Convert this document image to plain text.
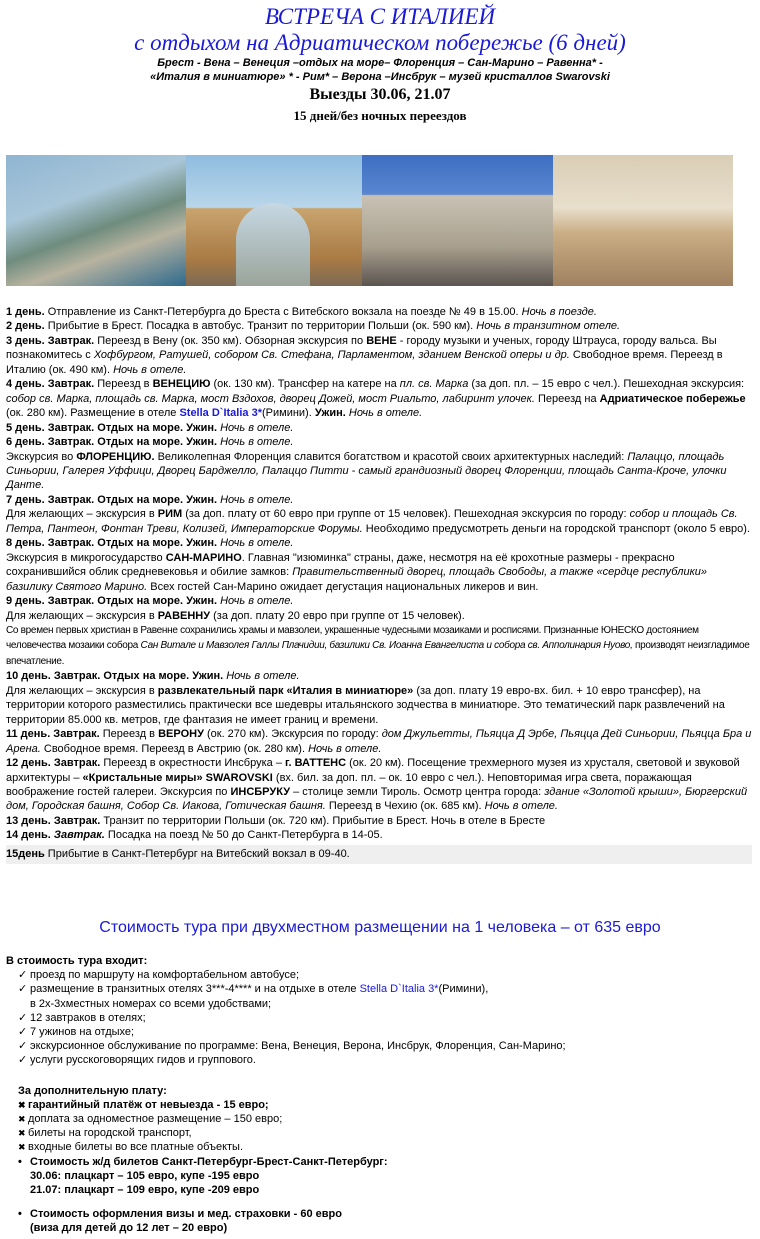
ВСТРЕЧА С ИТАЛИЕЙ
с отдыхом на Адриатическом побережье (6 дней)
Брест - Вена – Венеция –отдых на море– Флоренция – Сан-Марино – Равенна* -
«Италия в миниатюре» * - Рим* – Верона –Инсбрук – музей кристаллов Swarovski
Выезды 30.06, 21.07
15 дней/без ночных переездов

1 день. Отправление из Санкт-Петербурга до Бреста с Витебского вокзала на поезде № 49 в 15.00. Ночь в поезде.

2 день. Прибытие в Брест. Посадка в автобус. Транзит по территории Польши (ок. 590 км). Ночь в транзитном отеле.

3 день. Завтрак. Переезд в Вену (ок. 350 км). Обзорная экскурсия по ВЕНЕ - городу музыки и ученых, городу Штрауса, городу вальса. Вы познакомитесь с Хофбургом, Ратушей, собором Св. Стефана, Парламентом, зданием Венской оперы и др. Свободное время. Переезд в Италию (ок. 490 км). Ночь в отеле.

4 день. Завтрак. Переезд в ВЕНЕЦИЮ (ок. 130 км). Трансфер на катере на пл. св. Марка (за доп. пл. – 15 евро с чел.). Пешеходная экскурсия: собор св. Марка, площадь св. Марка, мост Вздохов, дворец Дожей, мост Риальто, лабиринт улочек. Переезд на Адриатическое побережье (ок. 280 км). Размещение в отеле Stella D`Italia 3*(Римини). Ужин. Ночь в отеле.

5 день. Завтрак. Отдых на море. Ужин. Ночь в отеле.

6 день. Завтрак. Отдых на море. Ужин. Ночь в отеле.
Экскурсия во ФЛОРЕНЦИЮ. Великолепная Флоренция славится богатством и красотой своих архитектурных наследий: Палаццо, площадь Синьории, Галерея Уффици, Дворец Барджелло, Палаццо Питти - самый грандиозный дворец Флоренции, площадь Санта-Кроче, улочки Данте.

7 день. Завтрак. Отдых на море. Ужин. Ночь в отеле.
Для желающих – экскурсия в РИМ (за доп. плату от 60 евро при группе от 15 человек). Пешеходная экскурсия по городу: собор и площадь Св. Петра, Пантеон, Фонтан Треви, Колизей, Императорские Форумы. Необходимо предусмотреть деньги на городской транспорт (около 5 евро).

8 день. Завтрак. Отдых на море. Ужин. Ночь в отеле.
Экскурсия в микрогосударство САН-МАРИНО. Главная "изюминка" страны, даже, несмотря на её крохотные размеры - прекрасно сохранившийся облик средневековья и обилие замков: Правительственный дворец, площадь Свободы, а также «сердце республики» базилику Святого Марино. Всех гостей Сан-Марино ожидает дегустация национальных ликеров и вин.

9 день. Завтрак. Отдых на море. Ужин. Ночь в отеле.
Для желающих – экскурсия в РАВЕННУ (за доп. плату 20 евро при группе от 15 человек).
Со времен первых христиан в Равенне сохранились храмы и мавзолеи, украшенные чудесными мозаиками и росписями. Признанные ЮНЕСКО достоянием человечества мозаики собора Сан Витале и Мавзолея Галлы Плачидии, базилики Св. Иоанна Евангелиста и собора св. Апполинария Нуово, производят неизгладимое впечатление.

10 день. Завтрак. Отдых на море. Ужин. Ночь в отеле.
Для желающих – экскурсия в развлекательный парк «Италия в миниатюре» (за доп. плату 19 евро-вх. бил. + 10 евро трансфер), на территории которого разместились практически все шедевры итальянского зодчества в миниатюре. Это тематический парк развлечений на территории 85.000 кв. метров, где фантазия не имеет границ и времени.

11 день. Завтрак. Переезд в ВЕРОНУ (ок. 270 км). Экскурсия по городу: дом Джульетты, Пьяцца Д Эрбе, Пьяцца Дей Синьории, Пьяцца Бра и Арена. Свободное время. Переезд в Австрию (ок. 280 км). Ночь в отеле.

12 день. Завтрак. Переезд в окрестности Инсбрука – г. ВАТТЕНС (ок. 20 км). Посещение трехмерного музея из хрусталя, световой и звуковой архитектуры – «Кристальные миры» SWAROVSKI (вх. бил. за доп. пл. – ок. 10 евро с чел.). Неповторимая игра света, поражающая воображение гостей галереи. Экскурсия по ИНСБРУКУ – столице земли Тироль. Осмотр центра города: здание «Золотой крыши», Бюргерский дом, Городская башня, Собор Св. Иакова, Готическая башня. Переезд в Чехию (ок. 685 км). Ночь в отеле.

13 день. Завтрак. Транзит по территории Польши (ок. 720 км). Прибытие в Брест. Ночь в отеле в Бресте

14 день. Завтрак. Посадка на поезд № 50 до Санкт-Петербурга в 14-05.

15день Прибытие в Санкт-Петербург на Витебский вокзал в 09-40.

Стоимость тура при двухместном размещении на 1 человека – от 635 евро
В стоимость тура входит:
✓ проезд по маршруту на комфортабельном автобусе;
✓ размещение в транзитных отелях 3***-4**** и на отдыхе в отеле Stella D`Italia 3*(Римини),
в 2х-3хместных номерах со всеми удобствами;
✓ 12 завтраков в отелях;
✓ 7 ужинов на отдыхе;
✓ экскурсионное обслуживание по программе: Вена, Венеция, Верона, Инсбрук, Флоренция, Сан-Марино;
✓ услуги русскоговорящих гидов и группового.
За дополнительную плату:
✖ гарантийный платёж от невыезда - 15 евро;
✖ доплата за одноместное размещение – 150 евро;
✖ билеты на городской транспорт,
✖ входные билеты во все платные объекты.
• Стоимость ж/д билетов Санкт-Петербург-Брест-Санкт-Петербург:
30.06: плацкарт – 105 евро, купе -195 евро
21.07: плацкарт – 109 евро, купе -209 евро
• Стоимость оформления визы и мед. страховки - 60 евро
(виза для детей до 12 лет – 20 евро)
